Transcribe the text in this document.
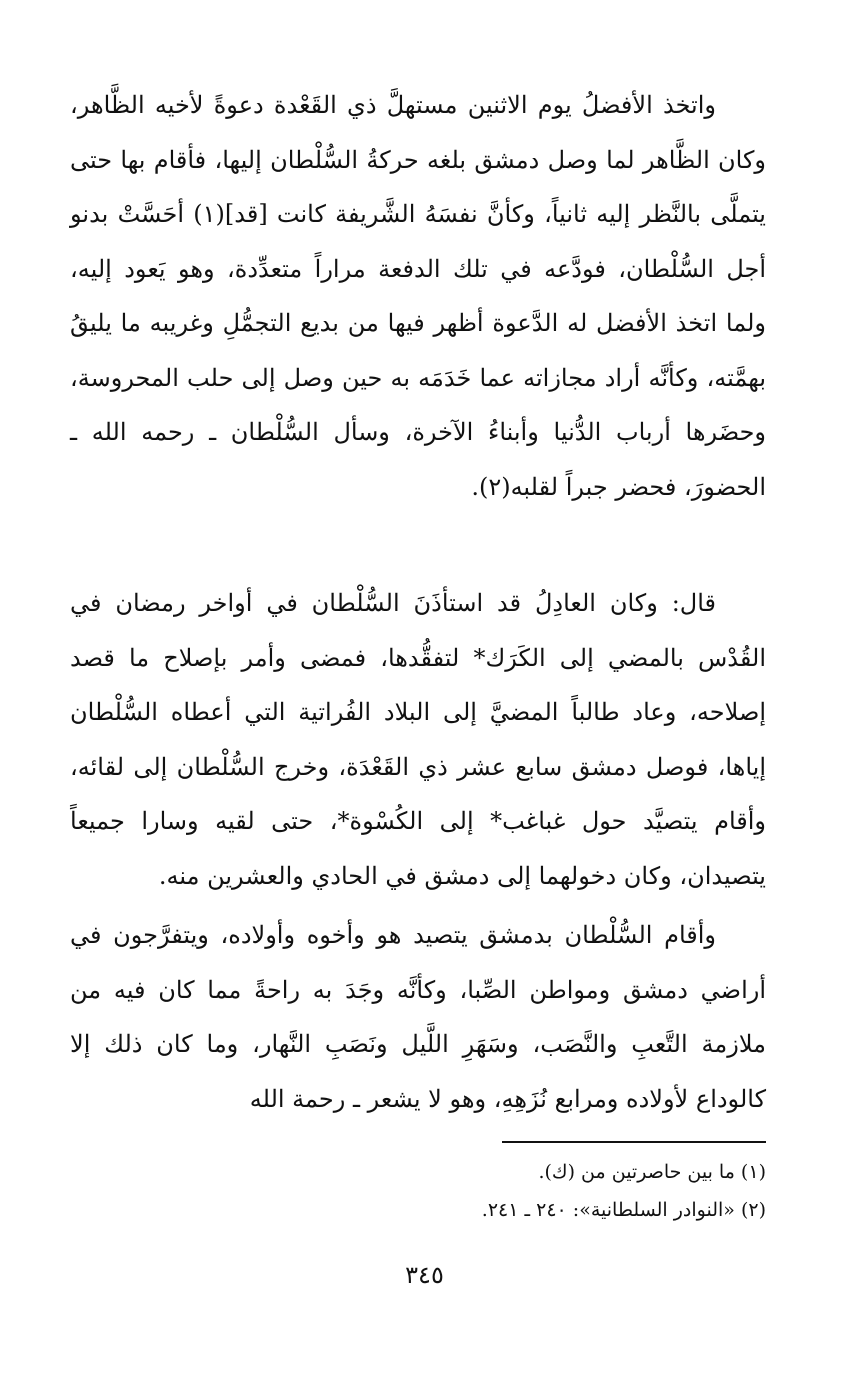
واتخذ الأفضلُ يوم الاثنين مستهلَّ ذي القَعْدة دعوةً لأخيه الظَّاهر، وكان الظَّاهر لما وصل دمشق بلغه حركةُ السُّلْطان إليها، فأقام بها حتى يتملَّى بالنَّظر إليه ثانياً، وكأنَّ نفسَهُ الشَّريفة كانت [قد](١) أحَسَّتْ بدنو أجل السُّلْطان، فودَّعه في تلك الدفعة مراراً متعدِّدة، وهو يَعود إليه، ولما اتخذ الأفضل له الدَّعوة أظهر فيها من بديع التجمُّلِ وغريبه ما يليقُ بهمَّته، وكأنَّه أراد مجازاته عما خَدَمَه به حين وصل إلى حلب المحروسة، وحضَرها أرباب الدُّنيا وأبناءُ الآخرة، وسأل السُّلْطان ـ رحمه الله ـ الحضورَ، فحضر جبراً لقلبه(٢).

قال: وكان العادِلُ قد استأذَنَ السُّلْطان في أواخر رمضان في القُدْس بالمضي إلى الكَرَك* لتفقُّدها، فمضى وأمر بإصلاح ما قصد إصلاحه، وعاد طالباً المضيَّ إلى البلاد الفُراتية التي أعطاه السُّلْطان إياها، فوصل دمشق سابع عشر ذي القَعْدَة، وخرج السُّلْطان إلى لقائه، وأقام يتصيَّد حول غباغب* إلى الكُسْوة*، حتى لقيه وسارا جميعاً يتصيدان، وكان دخولهما إلى دمشق في الحادي والعشرين منه.

وأقام السُّلْطان بدمشق يتصيد هو وأخوه وأولاده، ويتفرَّجون في أراضي دمشق ومواطن الصِّبا، وكأنَّه وجَدَ به راحةً مما كان فيه من ملازمة التَّعبِ والنَّصَب، وسَهَرِ اللَّيل ونَصَبِ النَّهار، وما كان ذلك إلا كالوداع لأولاده ومرابع نُزَهِهِ، وهو لا يشعر ـ رحمة الله

(١) ما بين حاصرتين من (ك).

(٢) «النوادر السلطانية»: ٢٤٠ ـ ٢٤١.

٣٤٥
